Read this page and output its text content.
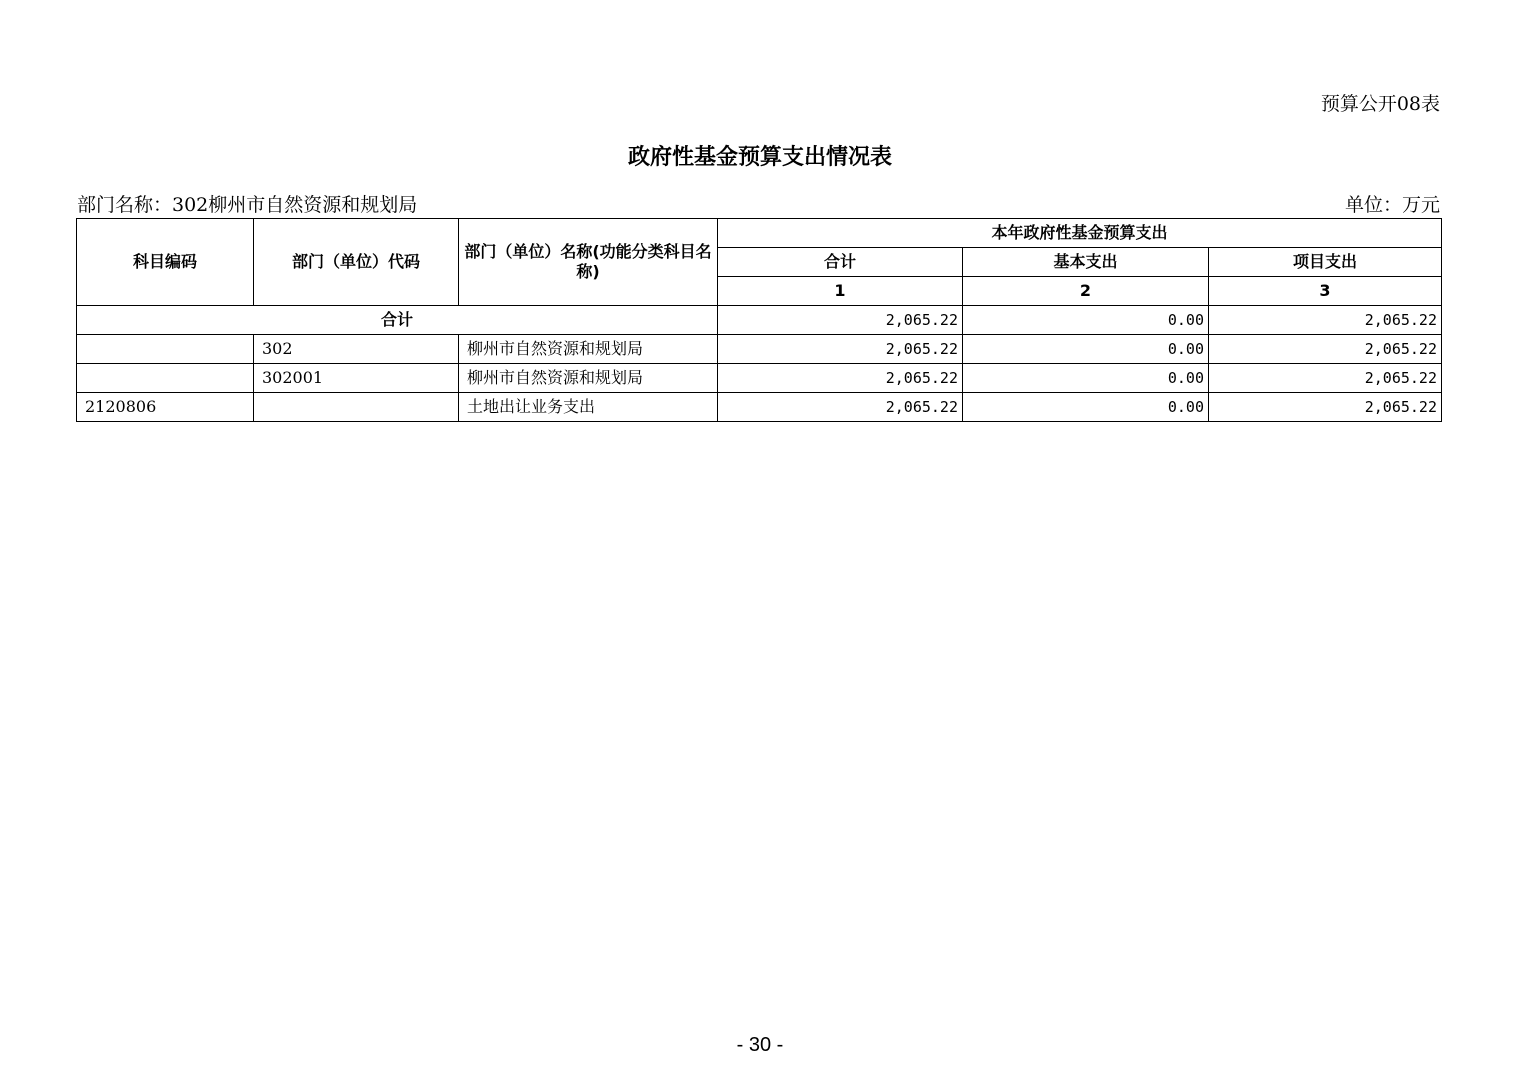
预算公开08表
政府性基金预算支出情况表
部门名称：302柳州市自然资源和规划局	单位：万元
科目编码	部门（单位）代码	部门（单位）名称(功能分类科目名称)	本年政府性基金预算支出		
			合计	基本支出	项目支出
			1	2	3
合计			2,065.22	0.00	2,065.22
	302	柳州市自然资源和规划局	2,065.22	0.00	2,065.22
	302001	柳州市自然资源和规划局	2,065.22	0.00	2,065.22
2120806		土地出让业务支出	2,065.22	0.00	2,065.22
- 30 -
